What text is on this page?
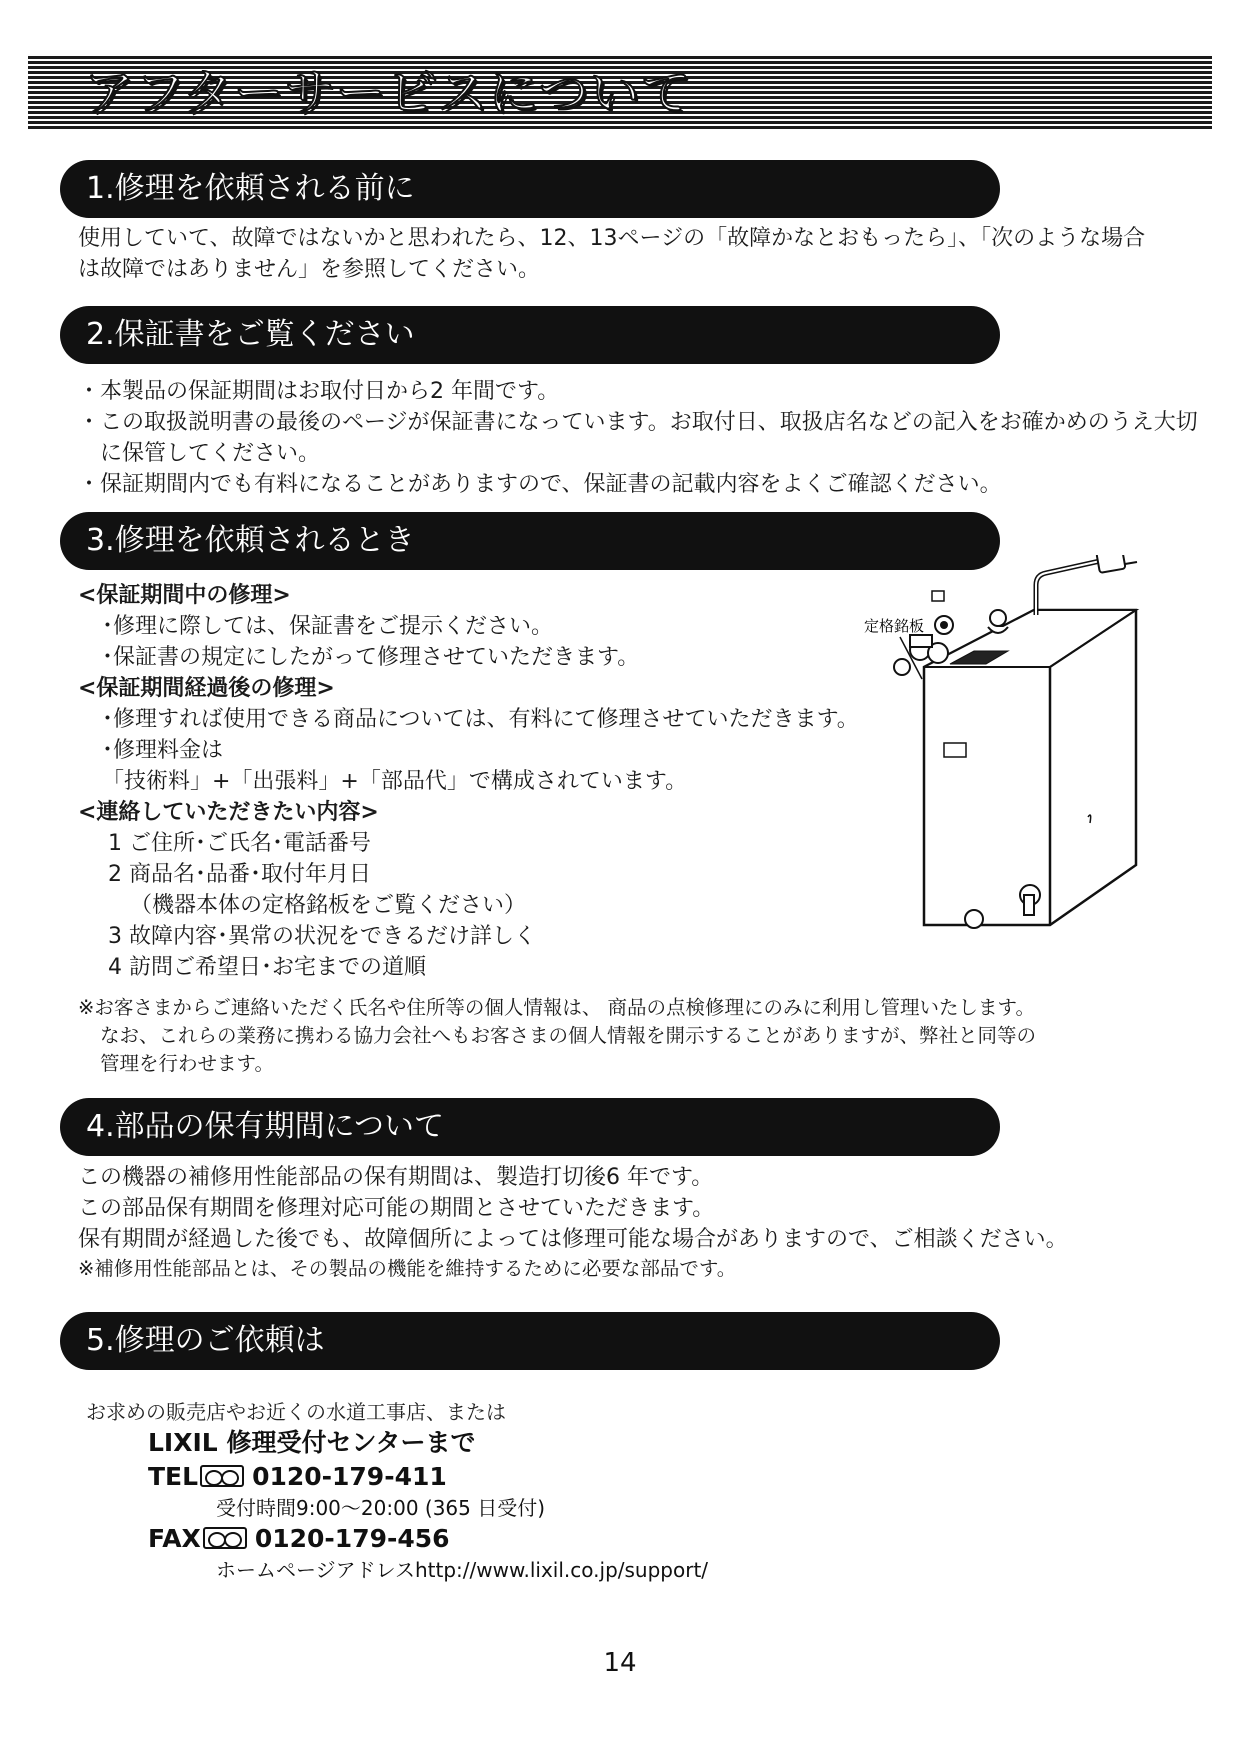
アフターサービスについて
1.修理を依頼される前に

使用していて、故障ではないかと思われたら、12、13ページの「故障かなとおもったら」、「次のような場合

は故障ではありません」を参照してください。

2.保証書をご覧ください

・本製品の保証期間はお取付日から2 年間です。

・この取扱説明書の最後のページが保証書になっています。お取付日、取扱店名などの記入をお確かめのうえ大切に保管してください。

・保証期間内でも有料になることがありますので、保証書の記載内容をよくご確認ください。

3.修理を依頼されるとき

<保証期間中の修理>

･修理に際しては、保証書をご提示ください。

･保証書の規定にしたがって修理させていただきます。

<保証期間経過後の修理>

･修理すれば使用できる商品については、有料にて修理させていただきます。

･修理料金は

「技術料」+「出張料」+「部品代」で構成されています。

<連絡していただきたい内容>

1 ご住所･ご氏名･電話番号

2 商品名･品番･取付年月日

（機器本体の定格銘板をご覧ください）

3 故障内容･異常の状況をできるだけ詳しく

4 訪問ご希望日･お宅までの道順

※お客さまからご連絡いただく氏名や住所等の個人情報は、 商品の点検修理にのみに利用し管理いたします。

なお、これらの業務に携わる協力会社へもお客さまの個人情報を開示することがありますが、弊社と同等の

管理を行わせます。

定格銘板
4.部品の保有期間について

この機器の補修用性能部品の保有期間は、製造打切後6 年です。

この部品保有期間を修理対応可能の期間とさせていただきます。

保有期間が経過した後でも、故障個所によっては修理可能な場合がありますので、ご相談ください。

※補修用性能部品とは、その製品の機能を維持するために必要な部品です。

5.修理のご依頼は

お求めの販売店やお近くの水道工事店、または

LIXIL 修理受付センターまで

TEL 0120-179-411

受付時間9:00～20:00 (365 日受付)

FAX 0120-179-456

ホームページアドレスhttp://www.lixil.co.jp/support/

14
